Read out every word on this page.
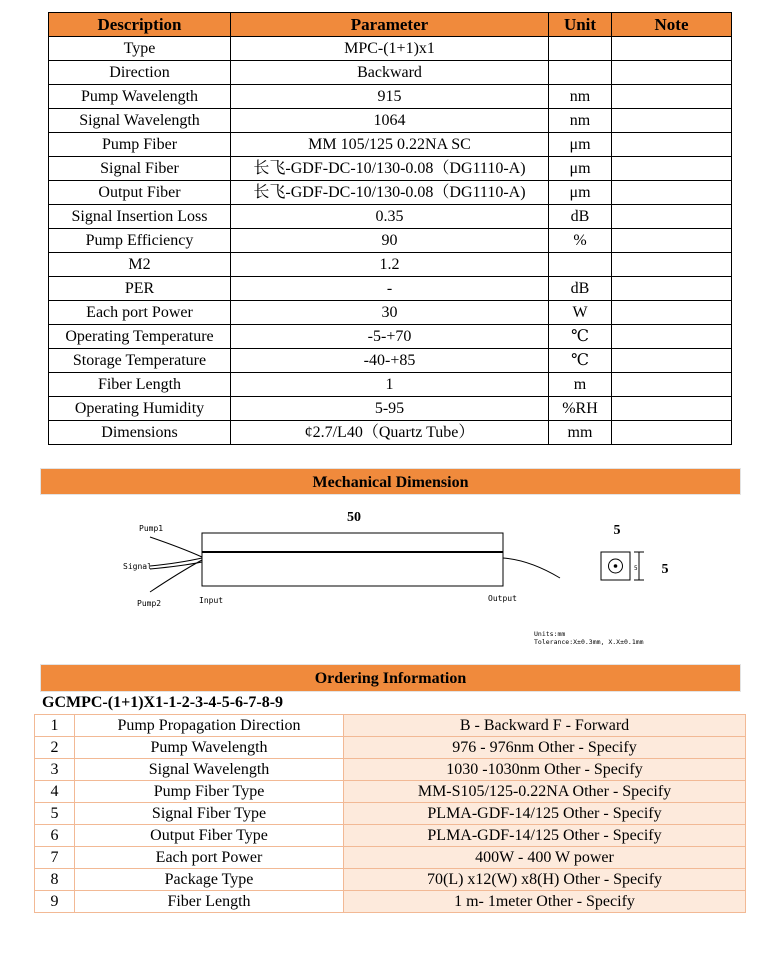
Description	Parameter	Unit	Note
Type	MPC-(1+1)x1		
Direction	Backward		
Pump Wavelength	915	nm	
Signal Wavelength	1064	nm	
Pump Fiber	MM 105/125 0.22NA SC	μm	
Signal Fiber	长飞-GDF-DC-10/130-0.08（DG1110-A)	μm	
Output Fiber	长飞-GDF-DC-10/130-0.08（DG1110-A)	μm	
Signal Insertion Loss	0.35	dB	
Pump Efficiency	90	%	
M2	1.2		
PER	-	dB	
Each port Power	30	W	
Operating Temperature	-5-+70	℃	
Storage Temperature	-40-+85	℃	
Fiber Length	1	m	
Operating Humidity	5-95	%RH	
Dimensions	¢2.7/L40（Quartz Tube）	mm	
Mechanical Dimension
50
Pump1
Signal
Pump2	Input	Output
5
5 5
Units:mm
Tolerance:X±0.3mm, X.X±0.1mm
Ordering Information
GCMPC-(1+1)X1-1-2-3-4-5-6-7-8-9
1	Pump Propagation Direction	B - Backward F - Forward
2	Pump Wavelength	976 - 976nm Other - Specify
3	Signal Wavelength	1030 -1030nm Other - Specify
4	Pump Fiber Type	MM-S105/125-0.22NA Other - Specify
5	Signal Fiber Type	PLMA-GDF-14/125 Other - Specify
6	Output Fiber Type	PLMA-GDF-14/125 Other - Specify
7	Each port Power	400W - 400 W power
8	Package Type	70(L) x12(W) x8(H) Other - Specify
9	Fiber Length	1 m- 1meter Other - Specify
